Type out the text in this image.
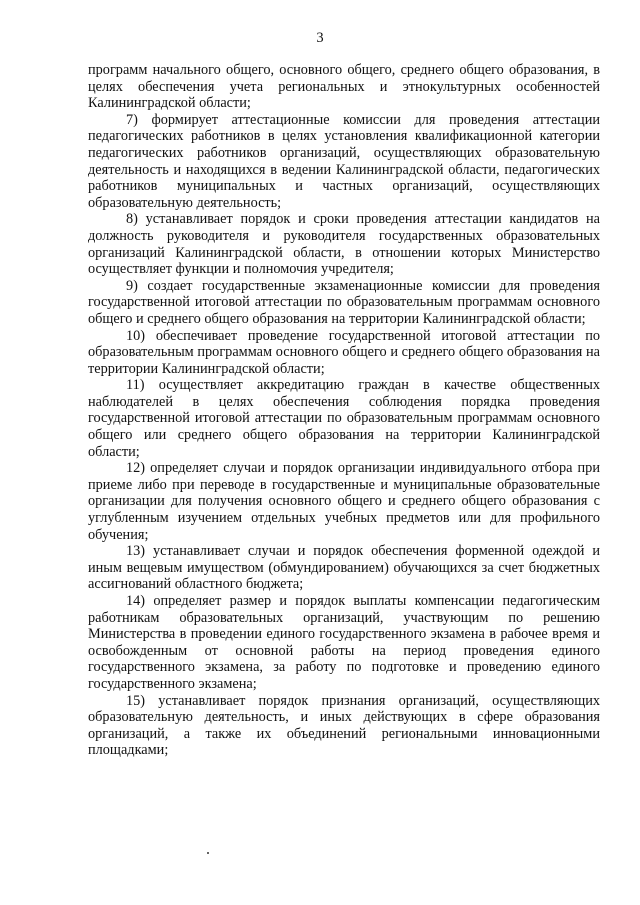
3

программ начального общего, основного общего, среднего общего образования, в целях обеспечения учета региональных и этнокультурных особенностей Калининградской области;

7) формирует аттестационные комиссии для проведения аттестации педагогических работников в целях установления квалификационной категории педагогических работников организаций, осуществляющих образовательную деятельность и находящихся в ведении Калининградской области, педагогических работников муниципальных и частных организаций, осуществляющих образовательную деятельность;

8) устанавливает порядок и сроки проведения аттестации кандидатов на должность руководителя и руководителя государственных образовательных организаций Калининградской области, в отношении которых Министерство осуществляет функции и полномочия учредителя;

9) создает государственные экзаменационные комиссии для проведения государственной итоговой аттестации по образовательным программам основного общего и среднего общего образования на территории Калининградской области;

10) обеспечивает проведение государственной итоговой аттестации по образовательным программам основного общего и среднего общего образования на территории Калининградской области;

11) осуществляет аккредитацию граждан в качестве общественных наблюдателей в целях обеспечения соблюдения порядка проведения государственной итоговой аттестации по образовательным программам основного общего или среднего общего образования на территории Калининградской области;

12) определяет случаи и порядок организации индивидуального отбора при приеме либо при переводе в государственные и муниципальные образовательные организации для получения основного общего и среднего общего образования с углубленным изучением отдельных учебных предметов или для профильного обучения;

13) устанавливает случаи и порядок обеспечения форменной одеждой и иным вещевым имуществом (обмундированием) обучающихся за счет бюджетных ассигнований областного бюджета;

14) определяет размер и порядок выплаты компенсации педагогическим работникам образовательных организаций, участвующим по решению Министерства в проведении единого государственного экзамена в рабочее время и освобожденным от основной работы на период проведения единого государственного экзамена, за работу по подготовке и проведению единого государственного экзамена;

15) устанавливает порядок признания организаций, осуществляющих образовательную деятельность, и иных действующих в сфере образования организаций, а также их объединений региональными инновационными площадками;
